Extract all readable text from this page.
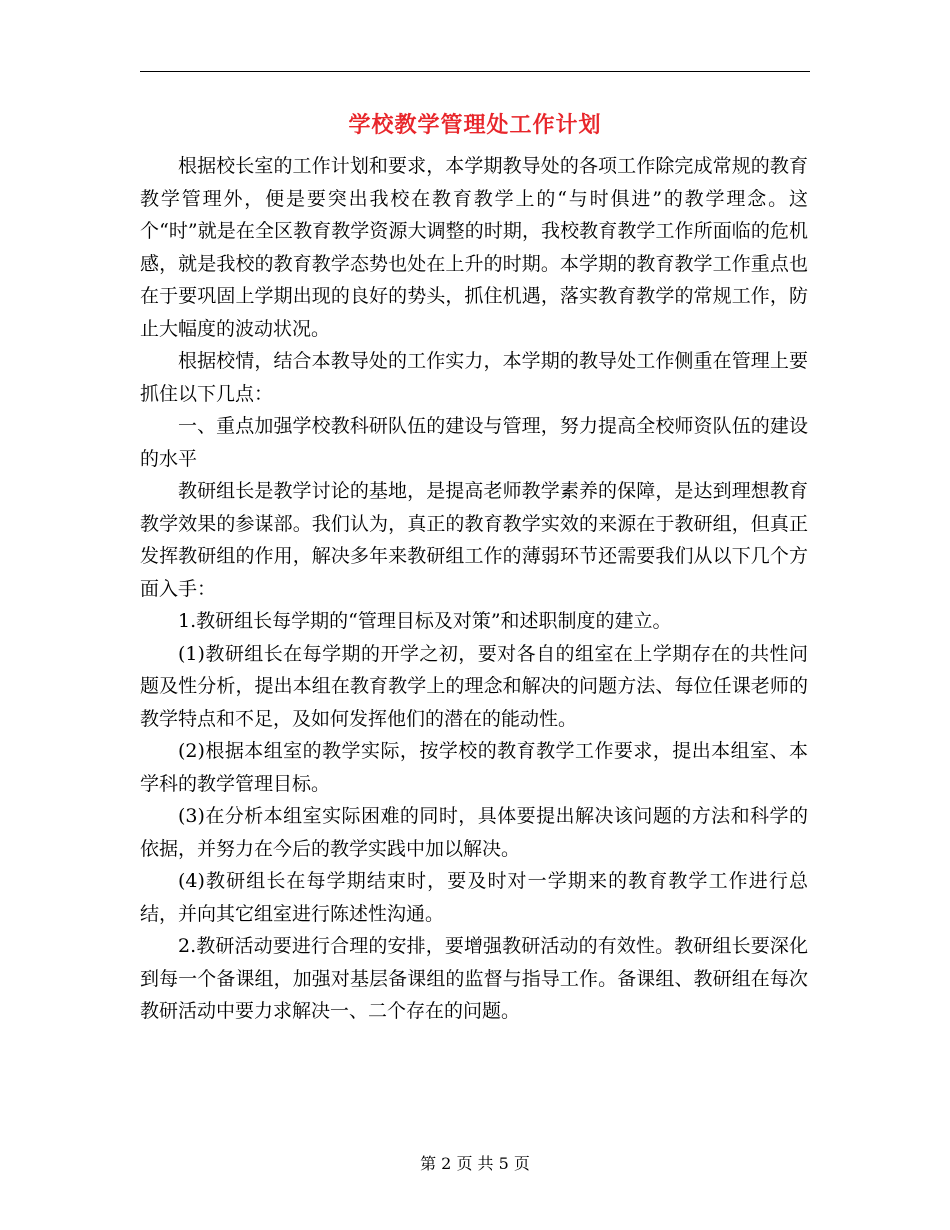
学校教学管理处工作计划

根据校长室的工作计划和要求，本学期教导处的各项工作除完成常规的教育教学管理外，便是要突出我校在教育教学上的“与时俱进”的教学理念。这个“时”就是在全区教育教学资源大调整的时期，我校教育教学工作所面临的危机感，就是我校的教育教学态势也处在上升的时期。本学期的教育教学工作重点也在于要巩固上学期出现的良好的势头，抓住机遇，落实教育教学的常规工作，防止大幅度的波动状况。

根据校情，结合本教导处的工作实力，本学期的教导处工作侧重在管理上要抓住以下几点：

一、重点加强学校教科研队伍的建设与管理，努力提高全校师资队伍的建设的水平

教研组长是教学讨论的基地，是提高老师教学素养的保障，是达到理想教育教学效果的参谋部。我们认为，真正的教育教学实效的来源在于教研组，但真正发挥教研组的作用，解决多年来教研组工作的薄弱环节还需要我们从以下几个方面入手：

1.教研组长每学期的“管理目标及对策”和述职制度的建立。

(1)教研组长在每学期的开学之初，要对各自的组室在上学期存在的共性问题及性分析，提出本组在教育教学上的理念和解决的问题方法、每位任课老师的教学特点和不足，及如何发挥他们的潜在的能动性。

(2)根据本组室的教学实际，按学校的教育教学工作要求，提出本组室、本学科的教学管理目标。

(3)在分析本组室实际困难的同时，具体要提出解决该问题的方法和科学的依据，并努力在今后的教学实践中加以解决。

(4)教研组长在每学期结束时，要及时对一学期来的教育教学工作进行总结，并向其它组室进行陈述性沟通。

2.教研活动要进行合理的安排，要增强教研活动的有效性。教研组长要深化到每一个备课组，加强对基层备课组的监督与指导工作。备课组、教研组在每次教研活动中要力求解决一、二个存在的问题。

第 2 页 共 5 页
